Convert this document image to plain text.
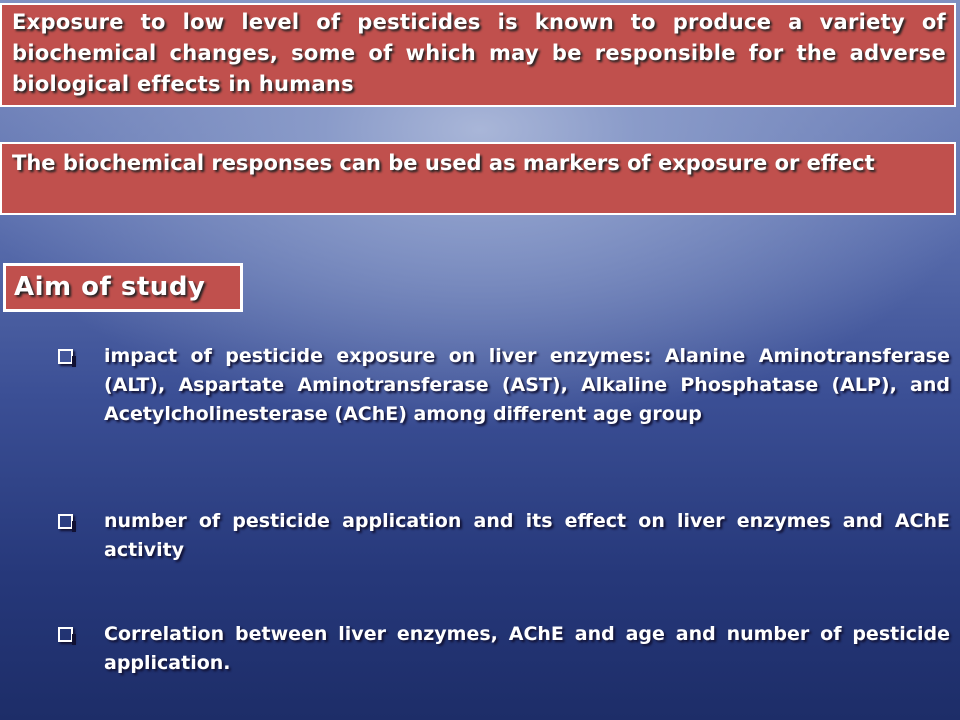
Exposure to low level of pesticides is known to produce a variety of biochemical changes, some of which may be responsible for the adverse biological effects in humans
The biochemical responses can be used as markers of exposure or effect
Aim of study
impact of pesticide exposure on liver enzymes: Alanine Aminotransferase (ALT), Aspartate Aminotransferase (AST), Alkaline Phosphatase (ALP), and Acetylcholinesterase (AChE) among different age group
number of pesticide application and its effect on liver enzymes and AChE activity
Correlation between liver enzymes, AChE and age and number of pesticide application.
